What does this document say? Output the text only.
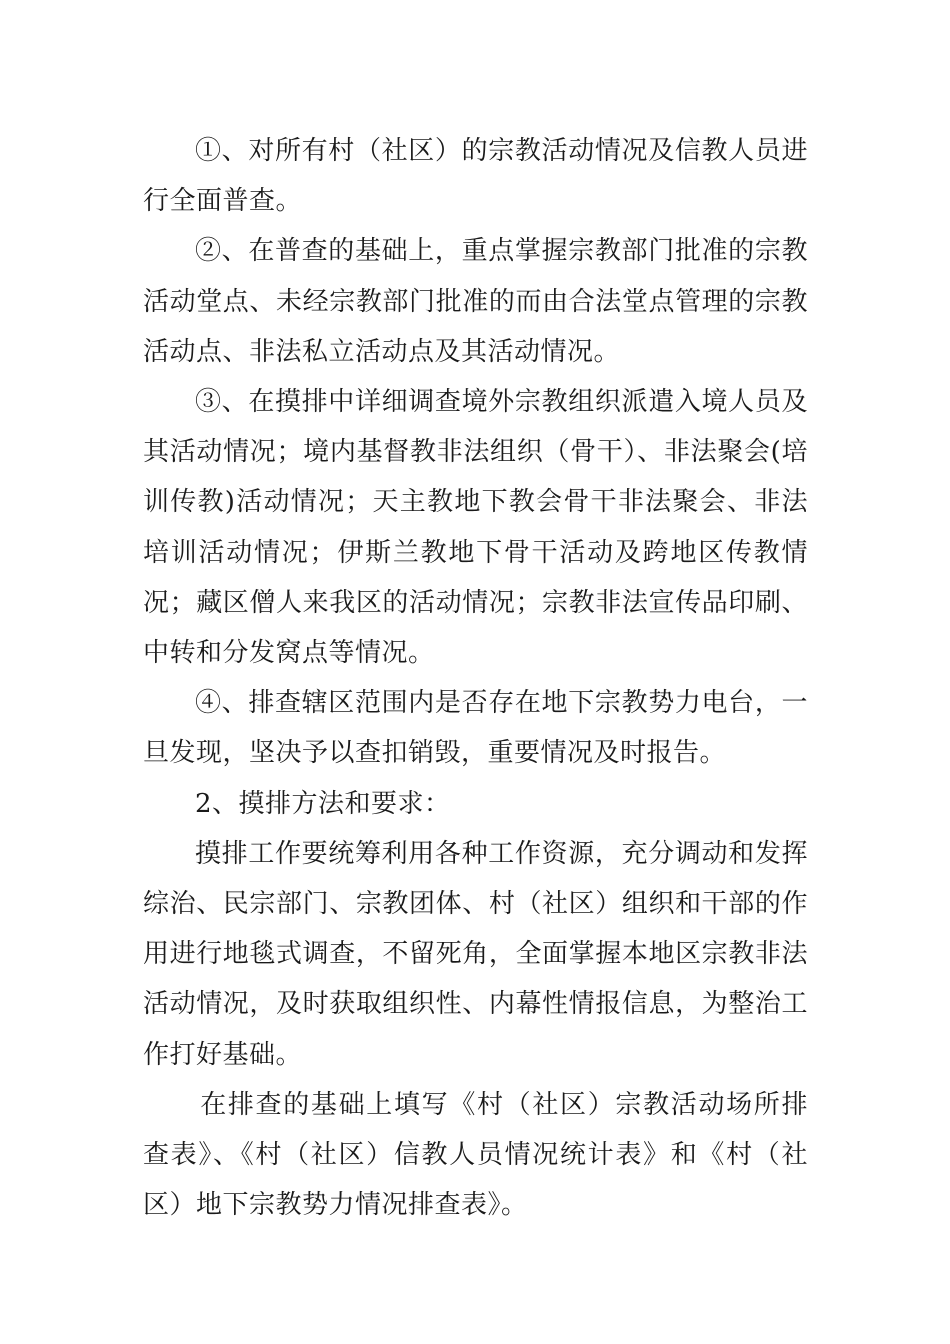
①、对所有村（社区）的宗教活动情况及信教人员进行全面普查。

②、在普查的基础上，重点掌握宗教部门批准的宗教活动堂点、未经宗教部门批准的而由合法堂点管理的宗教活动点、非法私立活动点及其活动情况。

③、在摸排中详细调查境外宗教组织派遣入境人员及其活动情况；境内基督教非法组织（骨干）、非法聚会(培训传教)活动情况；天主教地下教会骨干非法聚会、非法培训活动情况；伊斯兰教地下骨干活动及跨地区传教情况；藏区僧人来我区的活动情况；宗教非法宣传品印刷、中转和分发窝点等情况。

④、排查辖区范围内是否存在地下宗教势力电台，一旦发现，坚决予以查扣销毁，重要情况及时报告。

2、摸排方法和要求：

摸排工作要统筹利用各种工作资源，充分调动和发挥综治、民宗部门、宗教团体、村（社区）组织和干部的作用进行地毯式调查，不留死角，全面掌握本地区宗教非法活动情况，及时获取组织性、内幕性情报信息，为整治工作打好基础。

在排查的基础上填写《村（社区）宗教活动场所排查表》、《村（社区）信教人员情况统计表》和《村（社区）地下宗教势力情况排查表》。
